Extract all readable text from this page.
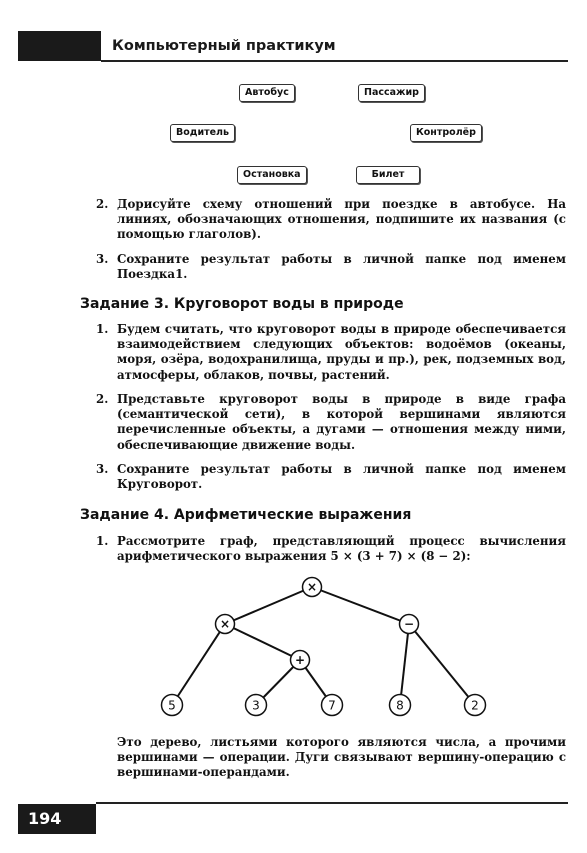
Компьютерный практикум
Автобус	Пассажир
Водитель	Контролёр
Остановка	Билет
2. Дорисуйте схему отношений при поездке в автобусе. На линиях, обозначающих отношения, подпишите их названия (с помощью глаголов).
3. Сохраните результат работы в личной папке под именем Поездка1.
Задание 3. Круговорот воды в природе
1. Будем считать, что круговорот воды в природе обеспечивается взаимодействием следующих объектов: водоёмов (океаны, моря, озёра, водохранилища, пруды и пр.), рек, подземных вод, атмосферы, облаков, почвы, растений.
2. Представьте круговорот воды в природе в виде графа (семантической сети), в которой вершинами являются перечисленные объекты, а дугами — отношения между ними, обеспечивающие движение воды.
3. Сохраните результат работы в личной папке под именем Круговорот.
Задание 4. Арифметические выражения
1. Рассмотрите граф, представляющий процесс вычисления арифметического выражения 5 × (3 + 7) × (8 − 2):
×
×	−
+
5	3	7	8	2
Это дерево, листьями которого являются числа, а прочими вершинами — операции. Дуги связывают вершину-операцию с вершинами-операндами.
194
